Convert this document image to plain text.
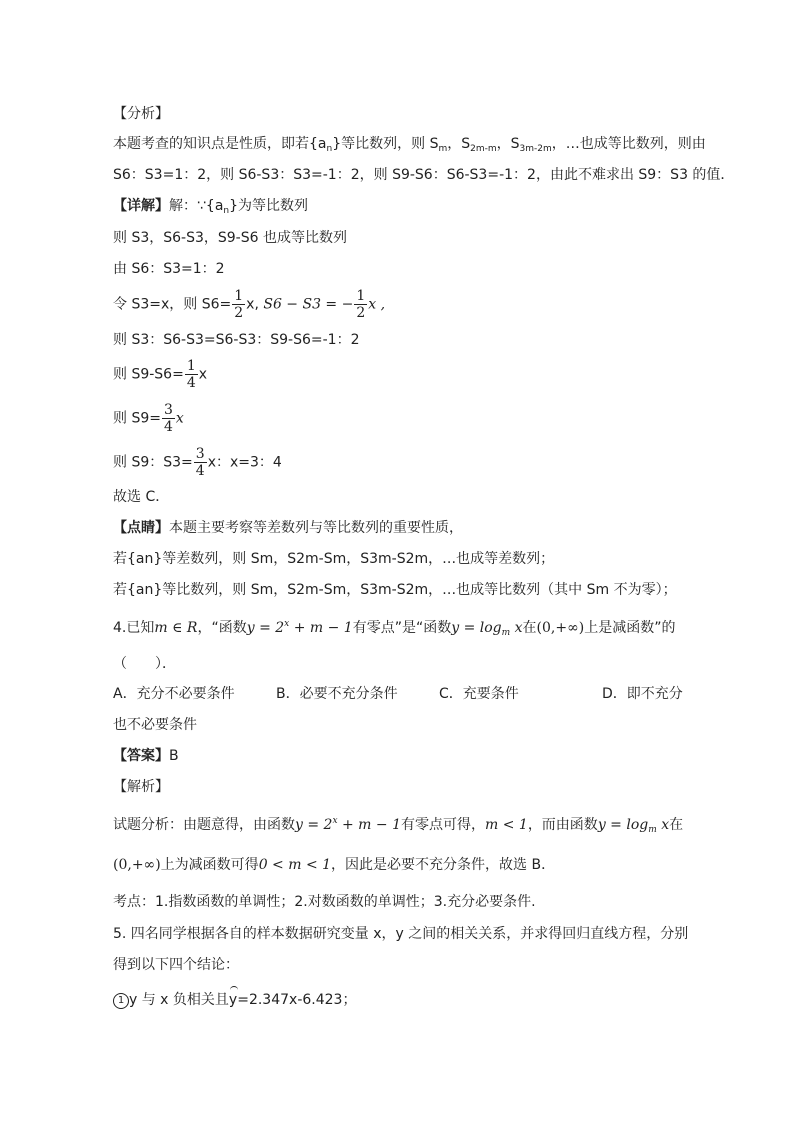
【分析】
本题考查的知识点是性质，即若$\{a_n\}$等比数列，则 $S_m$，$S_{2m-m}$，$S_{3m-2m}$，…也成等比数列，则由
S6：S3=1：2，则 S6-S3：S3=-1：2，则 S9-S6：S6-S3=-1：2，由此不难求出 S9：S3 的值．
【详解】解：$\because\{a_n\}$为等比数列
则 S3，S6-S3，S9-S6 也成等比数列
由 S6：S3=1：2
令 S3=x，则 $S6= \frac{1}{2} x$, S6 − S3 = − $\frac{1}{2}$ x ,
则 S3：S6-S3=S6-S3：S9-S6=-1：2
则 $S9-S6= \frac{1}{4}$ x
则 $S9= \frac{3}{4}$ x
则 S9：$S3= \frac{3}{4}$ x：x=3：4
故选 C．
【点睛】本题主要考察等差数列与等比数列的重要性质，
若{an}等差数列，则 Sm，S2m-Sm，S3m-S2m，…也成等差数列；
若{an}等比数列，则 Sm，S2m-Sm，S3m-S2m，…也成等比数列（其中 Sm 不为零）；
4.已知m ∈ R，“函数$y = 2^x + m - 1$有零点”是“函数$y = \log_m x$在(0,+∞)上是减函数”的
（　　）．
A．充分不必要条件	B．必要不充分条件	C．充要条件	D．即不充分
也不必要条件
【答案】B
【解析】
试题分析：由题意得，由函数$y = 2^x + m - 1$有零点可得，m < 1，而由函数$y = \log_m x$在
(0,+∞)上为减函数可得0 < m < 1，因此是必要不充分条件，故选 B．
考点：1.指数函数的单调性；2.对数函数的单调性；3.充分必要条件.
5. 四名同学根据各自的样本数据研究变量 x，y 之间的相关关系，并求得回归直线方程，分别
得到以下四个结论：
1 y 与 x 负相关且y=2.347x-6.423；
